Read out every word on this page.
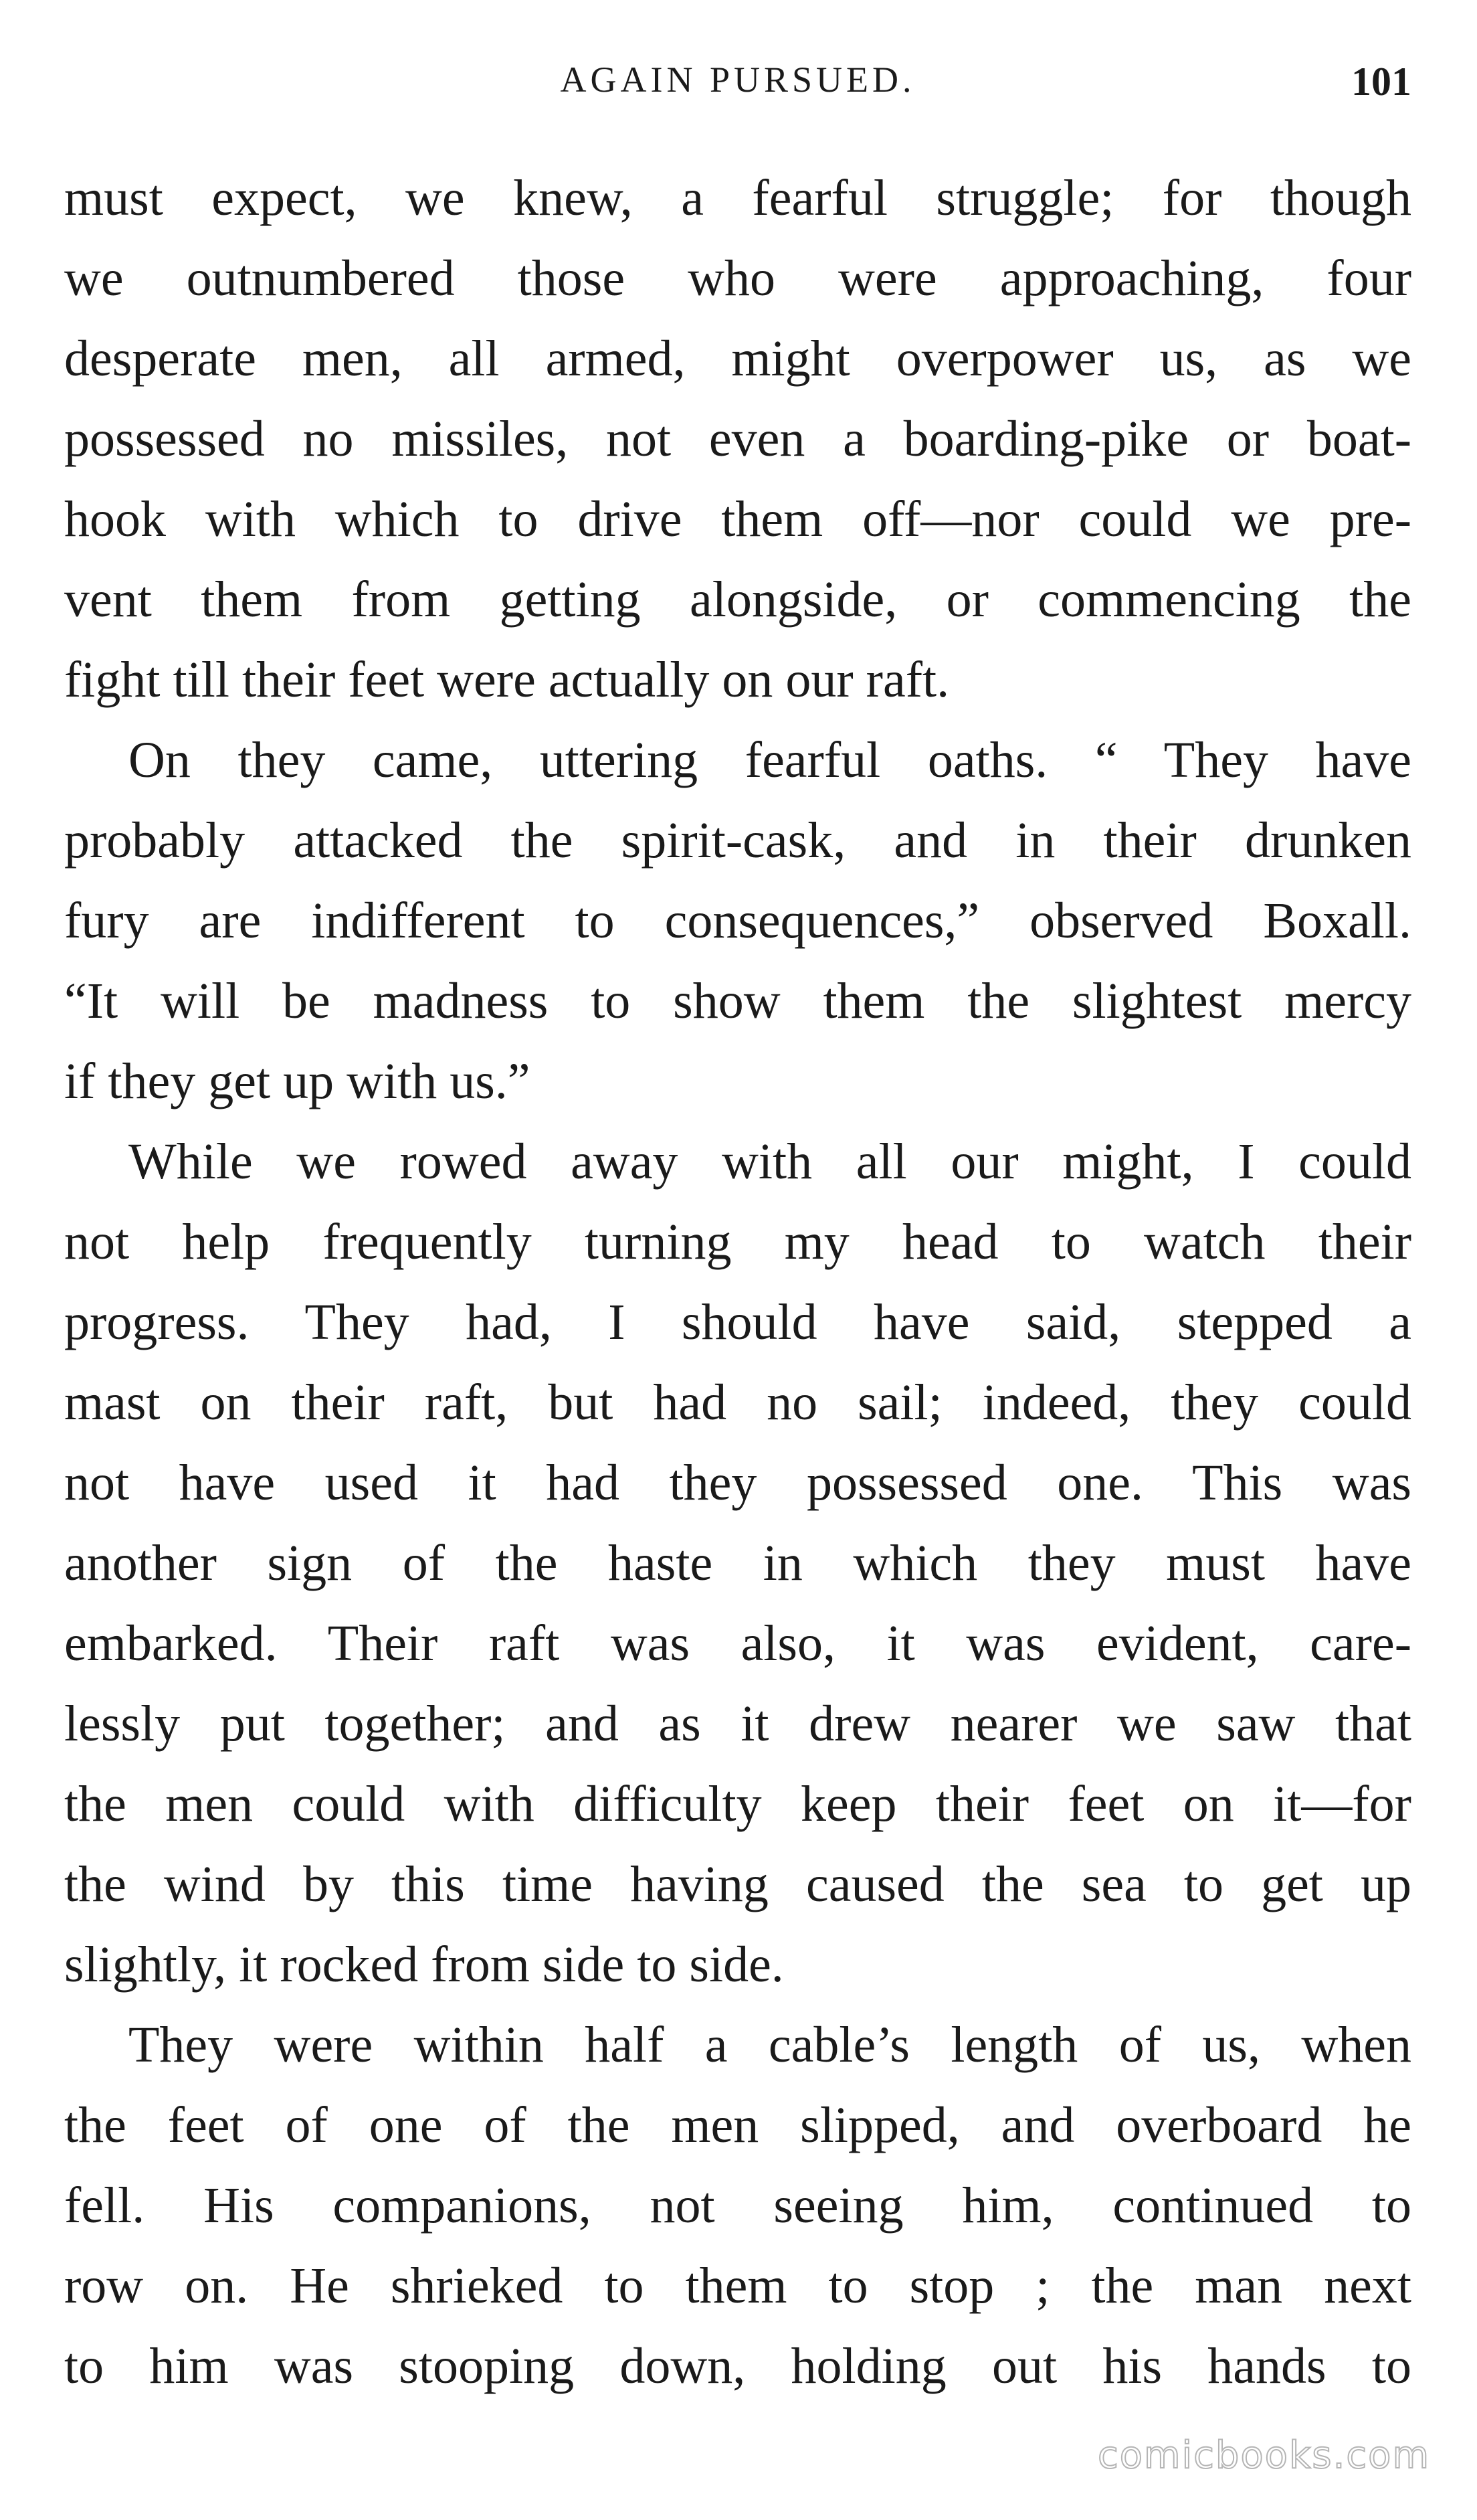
AGAIN PURSUED.	101
must expect, we knew, a fearful struggle; for though
we outnumbered those who were approaching, four
desperate men, all armed, might overpower us, as we
possessed no missiles, not even a boarding-pike or boat-
hook with which to drive them off—nor could we pre-
vent them from getting alongside, or commencing the
fight till their feet were actually on our raft.
On they came, uttering fearful oaths. “ They have
probably attacked the spirit-cask, and in their drunken
fury are indifferent to consequences,” observed Boxall.
“It will be madness to show them the slightest mercy
if they get up with us.”
While we rowed away with all our might, I could
not help frequently turning my head to watch their
progress. They had, I should have said, stepped a
mast on their raft, but had no sail; indeed, they could
not have used it had they possessed one. This was
another sign of the haste in which they must have
embarked. Their raft was also, it was evident, care-
lessly put together; and as it drew nearer we saw that
the men could with difficulty keep their feet on it—for
the wind by this time having caused the sea to get up
slightly, it rocked from side to side.
They were within half a cable’s length of us, when
the feet of one of the men slipped, and overboard he
fell. His companions, not seeing him, continued to
row on. He shrieked to them to stop ; the man next
to him was stooping down, holding out his hands to
comicbooks.com
